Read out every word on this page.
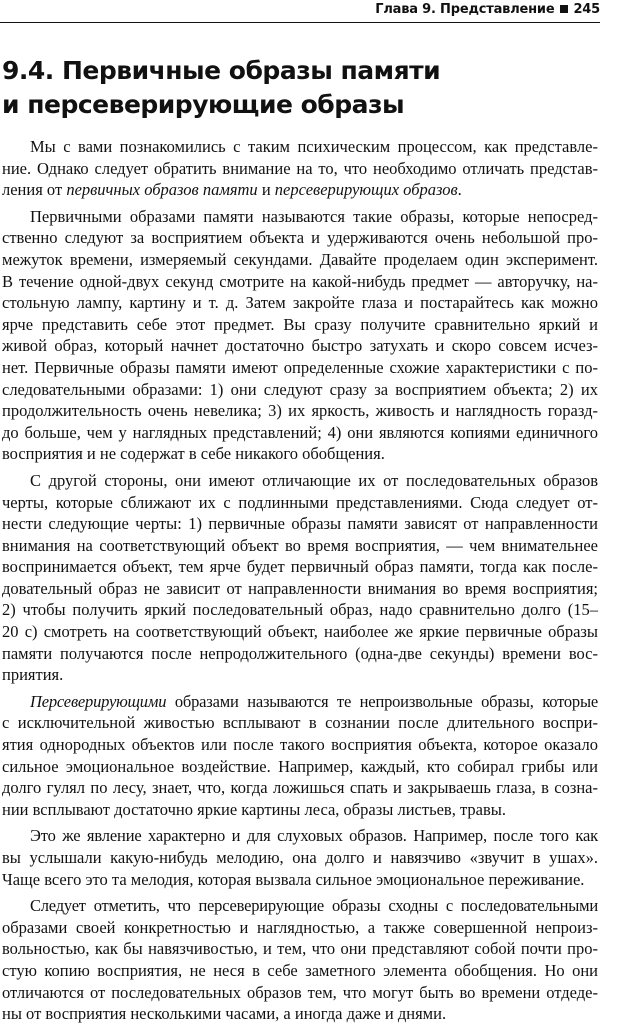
Глава 9. Представление 245
9.4. Первичные образы памяти
и персеверирующие образы

Мы с вами познакомились с таким психическим процессом, как представле-
ние. Однако следует обратить внимание на то, что необходимо отличать представ-
ления от первичных образов памяти и персеверирующих образов.

Первичными образами памяти называются такие образы, которые непосред-
ственно следуют за восприятием объекта и удерживаются очень небольшой про-
межуток времени, измеряемый секундами. Давайте проделаем один эксперимент.
В течение одной-двух секунд смотрите на какой-нибудь предмет — авторучку, на-
стольную лампу, картину и т. д. Затем закройте глаза и постарайтесь как можно
ярче представить себе этот предмет. Вы сразу получите сравнительно яркий и
живой образ, который начнет достаточно быстро затухать и скоро совсем исчез-
нет. Первичные образы памяти имеют определенные схожие характеристики с по-
следовательными образами: 1) они следуют сразу за восприятием объекта; 2) их
продолжительность очень невелика; 3) их яркость, живость и наглядность горазд-
до больше, чем у наглядных представлений; 4) они являются копиями единичного
восприятия и не содержат в себе никакого обобщения.

С другой стороны, они имеют отличающие их от последовательных образов
черты, которые сближают их с подлинными представлениями. Сюда следует от-
нести следующие черты: 1) первичные образы памяти зависят от направленности
внимания на соответствующий объект во время восприятия, — чем внимательнее
воспринимается объект, тем ярче будет первичный образ памяти, тогда как после-
довательный образ не зависит от направленности внимания во время восприятия;
2) чтобы получить яркий последовательный образ, надо сравнительно долго (15–
20 с) смотреть на соответствующий объект, наиболее же яркие первичные образы
памяти получаются после непродолжительного (одна-две секунды) времени вос-
приятия.

Персеверирующими образами называются те непроизвольные образы, которые
с исключительной живостью всплывают в сознании после длительного воспри-
ятия однородных объектов или после такого восприятия объекта, которое оказало
сильное эмоциональное воздействие. Например, каждый, кто собирал грибы или
долго гулял по лесу, знает, что, когда ложишься спать и закрываешь глаза, в созна-
нии всплывают достаточно яркие картины леса, образы листьев, травы.

Это же явление характерно и для слуховых образов. Например, после того как
вы услышали какую-нибудь мелодию, она долго и навязчиво «звучит в ушах».
Чаще всего это та мелодия, которая вызвала сильное эмоциональное переживание.

Следует отметить, что персеверирующие образы сходны с последовательными
образами своей конкретностью и наглядностью, а также совершенной непроиз-
вольностью, как бы навязчивостью, и тем, что они представляют собой почти про-
стую копию восприятия, не неся в себе заметного элемента обобщения. Но они
отличаются от последовательных образов тем, что могут быть во времени отдеде-
ны от восприятия несколькими часами, а иногда даже и днями.
